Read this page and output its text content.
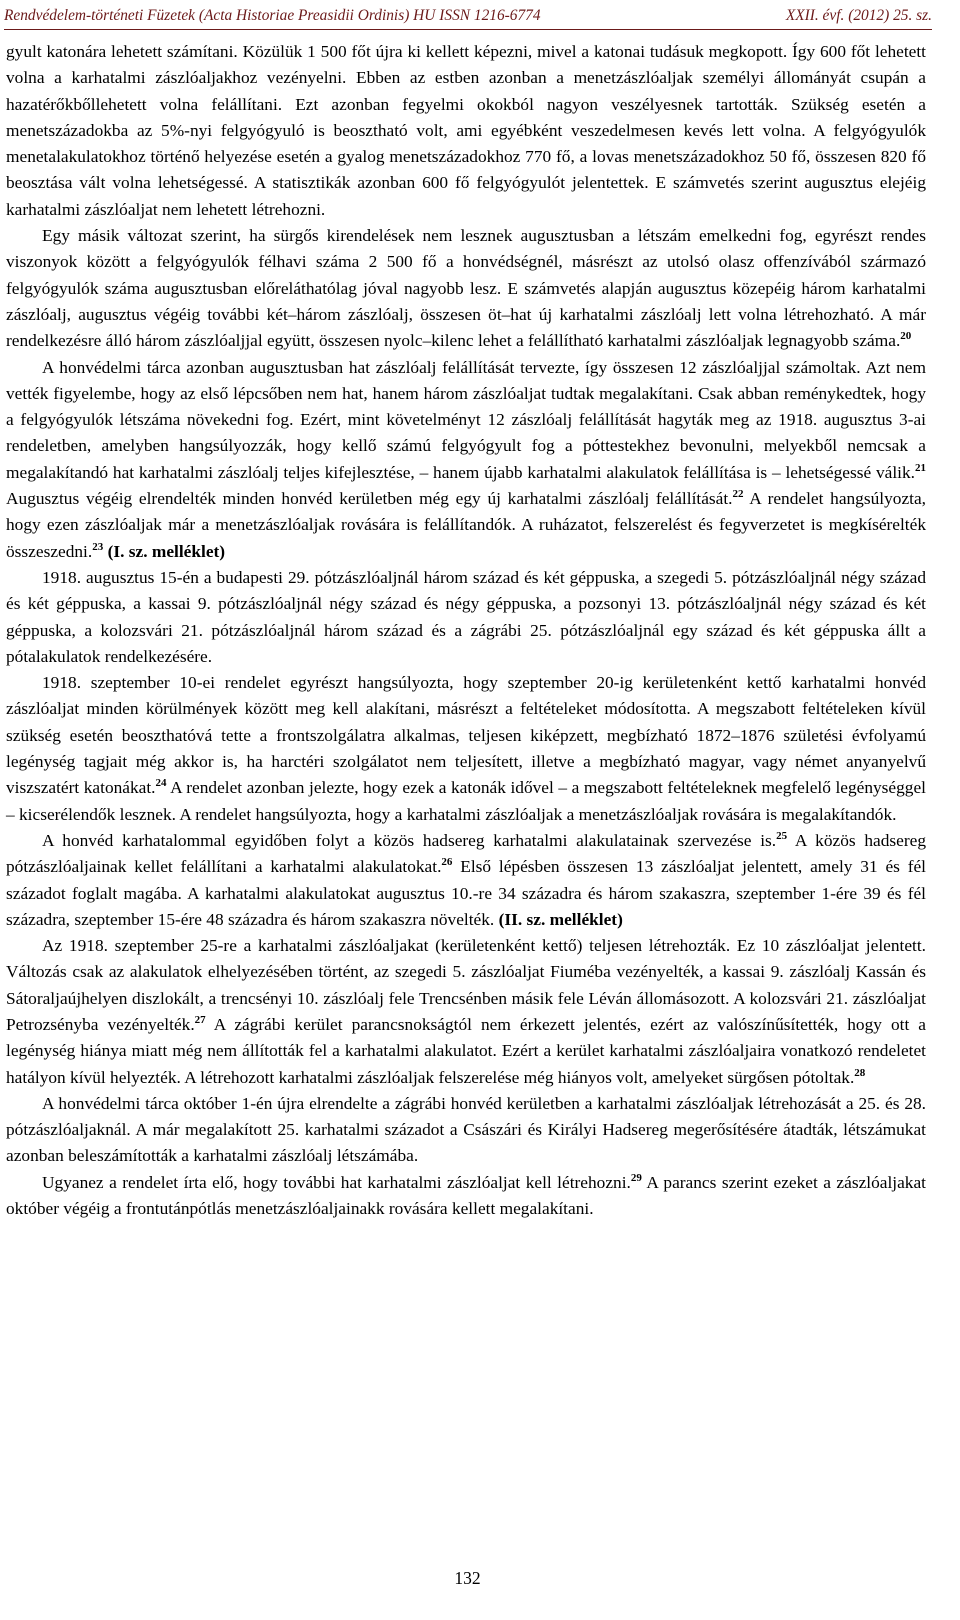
Rendvédelem-történeti Füzetek (Acta Historiae Preasidii Ordinis) HU ISSN 1216-6774	XXII. évf. (2012) 25. sz.

gyult katonára lehetett számítani. Közülük 1 500 főt újra ki kellett képezni, mivel a katonai tudásuk megkopott. Így 600 főt lehetett volna a karhatalmi zászlóaljakhoz vezényelni. Ebben az estben azonban a menetzászlóaljak személyi állományát csupán a hazatérőkbőllehetett volna felállítani. Ezt azonban fegyelmi okokból nagyon veszélyesnek tartották. Szükség esetén a menetszázadokba az 5%-nyi felgyógyuló is beosztható volt, ami egyébként veszedelmesen kevés lett volna. A felgyógyulók menetalakulatokhoz történő helyezése esetén a gyalog menetszázadokhoz 770 fő, a lovas menetszázadokhoz 50 fő, összesen 820 fő beosztása vált volna lehetségessé. A statisztikák azonban 600 fő felgyógyulót jelentettek. E számvetés szerint augusztus elejéig karhatalmi zászlóaljat nem lehetett létrehozni.

Egy másik változat szerint, ha sürgős kirendelések nem lesznek augusztusban a létszám emelkedni fog, egyrészt rendes viszonyok között a felgyógyulók félhavi száma 2 500 fő a honvédségnél, másrészt az utolsó olasz offenzívából származó felgyógyulók száma augusztusban előreláthatólag jóval nagyobb lesz. E számvetés alapján augusztus közepéig három karhatalmi zászlóalj, augusztus végéig további két–három zászlóalj, összesen öt–hat új karhatalmi zászlóalj lett volna létrehozható. A már rendelkezésre álló három zászlóaljjal együtt, összesen nyolc–kilenc lehet a felállítható karhatalmi zászlóaljak legnagyobb száma.$^{20}$

A honvédelmi tárca azonban augusztusban hat zászlóalj felállítását tervezte, így összesen 12 zászlóaljjal számoltak. Azt nem vették figyelembe, hogy az első lépcsőben nem hat, hanem három zászlóaljat tudtak megalakítani. Csak abban reménykedtek, hogy a felgyógyulók létszáma növekedni fog. Ezért, mint követelményt 12 zászlóalj felállítását hagyták meg az 1918. augusztus 3-ai rendeletben, amelyben hangsúlyozzák, hogy kellő számú felgyógyult fog a póttestekhez bevonulni, melyekből nemcsak a megalakítandó hat karhatalmi zászlóalj teljes kifejlesztése, – hanem újabb karhatalmi alakulatok felállítása is – lehetségessé válik.$^{21}$ Augusztus végéig elrendelték minden honvéd kerületben még egy új karhatalmi zászlóalj felállítását.$^{22}$ A rendelet hangsúlyozta, hogy ezen zászlóaljak már a menetzászlóaljak rovására is felállítandók. A ruházatot, felszerelést és fegyverzetet is megkísérelték összeszedni.$^{23}$ (I. sz. melléklet)

1918. augusztus 15-én a budapesti 29. pótzászlóaljnál három század és két géppuska, a szegedi 5. pótzászlóaljnál négy század és két géppuska, a kassai 9. pótzászlóaljnál négy század és négy géppuska, a pozsonyi 13. pótzászlóaljnál négy század és két géppuska, a kolozsvári 21. pótzászlóaljnál három század és a zágrábi 25. pótzászlóaljnál egy század és két géppuska állt a pótalakulatok rendelkezésére.

1918. szeptember 10-ei rendelet egyrészt hangsúlyozta, hogy szeptember 20-ig kerületenként kettő karhatalmi honvéd zászlóaljat minden körülmények között meg kell alakítani, másrészt a feltételeket módosította. A megszabott feltételeken kívül szükség esetén beoszthatóvá tette a frontszolgálatra alkalmas, teljesen kiképzett, megbízható 1872–1876 születési évfolyamú legénység tagjait még akkor is, ha harctéri szolgálatot nem teljesített, illetve a megbízható magyar, vagy német anyanyelvű viszszatért katonákat.$^{24}$ A rendelet azonban jelezte, hogy ezek a katonák idővel – a megszabott feltételeknek megfelelő legénységgel – kicserélendők lesznek. A rendelet hangsúlyozta, hogy a karhatalmi zászlóaljak a menetzászlóaljak rovására is megalakítandók.

A honvéd karhatalommal egyidőben folyt a közös hadsereg karhatalmi alakulatainak szervezése is.$^{25}$ A közös hadsereg pótzászlóaljainak kellet felállítani a karhatalmi alakulatokat.$^{26}$ Első lépésben összesen 13 zászlóaljat jelentett, amely 31 és fél századot foglalt magába. A karhatalmi alakulatokat augusztus 10.-re 34 századra és három szakaszra, szeptember 1-ére 39 és fél századra, szeptember 15-ére 48 századra és három szakaszra növelték. (II. sz. melléklet)

Az 1918. szeptember 25-re a karhatalmi zászlóaljakat (kerületenként kettő) teljesen létrehozták. Ez 10 zászlóaljat jelentett. Változás csak az alakulatok elhelyezésében történt, az szegedi 5. zászlóaljat Fiuméba vezényelték, a kassai 9. zászlóalj Kassán és Sátoraljaújhelyen diszlokált, a trencsényi 10. zászlóalj fele Trencsénben másik fele Léván állomásozott. A kolozsvári 21. zászlóaljat Petrozsényba vezényelték.$^{27}$ A zágrábi kerület parancsnokságtól nem érkezett jelentés, ezért az valószínűsítették, hogy ott a legénység hiánya miatt még nem állították fel a karhatalmi alakulatot. Ezért a kerület karhatalmi zászlóaljaira vonatkozó rendeletet hatályon kívül helyezték. A létrehozott karhatalmi zászlóaljak felszerelése még hiányos volt, amelyeket sürgősen pótoltak.$^{28}$

A honvédelmi tárca október 1-én újra elrendelte a zágrábi honvéd kerületben a karhatalmi zászlóaljak létrehozását a 25. és 28. pótzászlóaljaknál. A már megalakított 25. karhatalmi századot a Császári és Királyi Hadsereg megerősítésére átadták, létszámukat azonban beleszámították a karhatalmi zászlóalj létszámába.

Ugyanez a rendelet írta elő, hogy további hat karhatalmi zászlóaljat kell létrehozni.$^{29}$ A parancs szerint ezeket a zászlóaljakat október végéig a frontutánpótlás menetzászlóaljainakk rovására kellett megalakítani.

132
